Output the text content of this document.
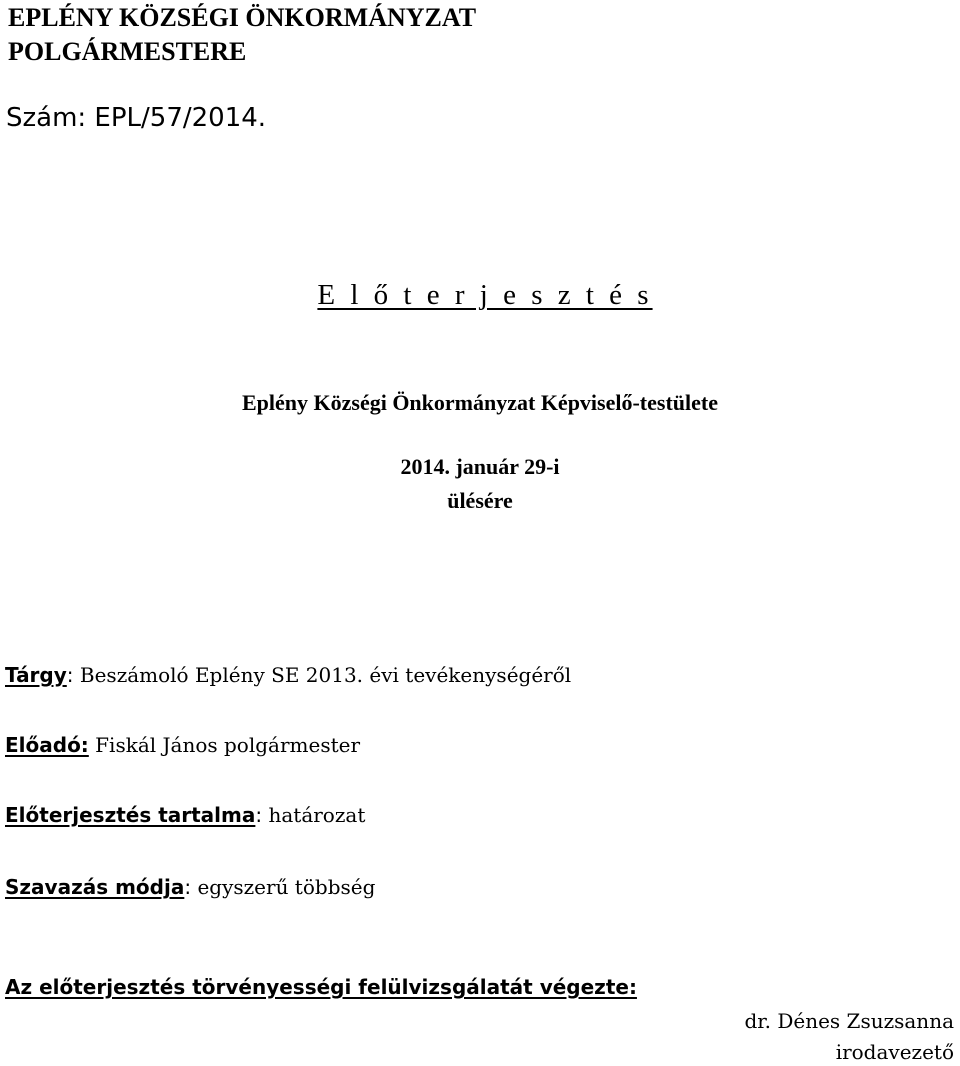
EPLÉNY KÖZSÉGI ÖNKORMÁNYZAT
POLGÁRMESTERE
Szám: EPL/57/2014.
E l ő t e r j e s z t é s
Eplény Községi Önkormányzat Képviselő-testülete
2014. január 29-i
ülésére
Tárgy: Beszámoló Eplény SE 2013. évi tevékenységéről
Előadó: Fiskál János polgármester
Előterjesztés tartalma: határozat
Szavazás módja: egyszerű többség
Az előterjesztés törvényességi felülvizsgálatát végezte:
dr. Dénes Zsuzsanna
irodavezető
